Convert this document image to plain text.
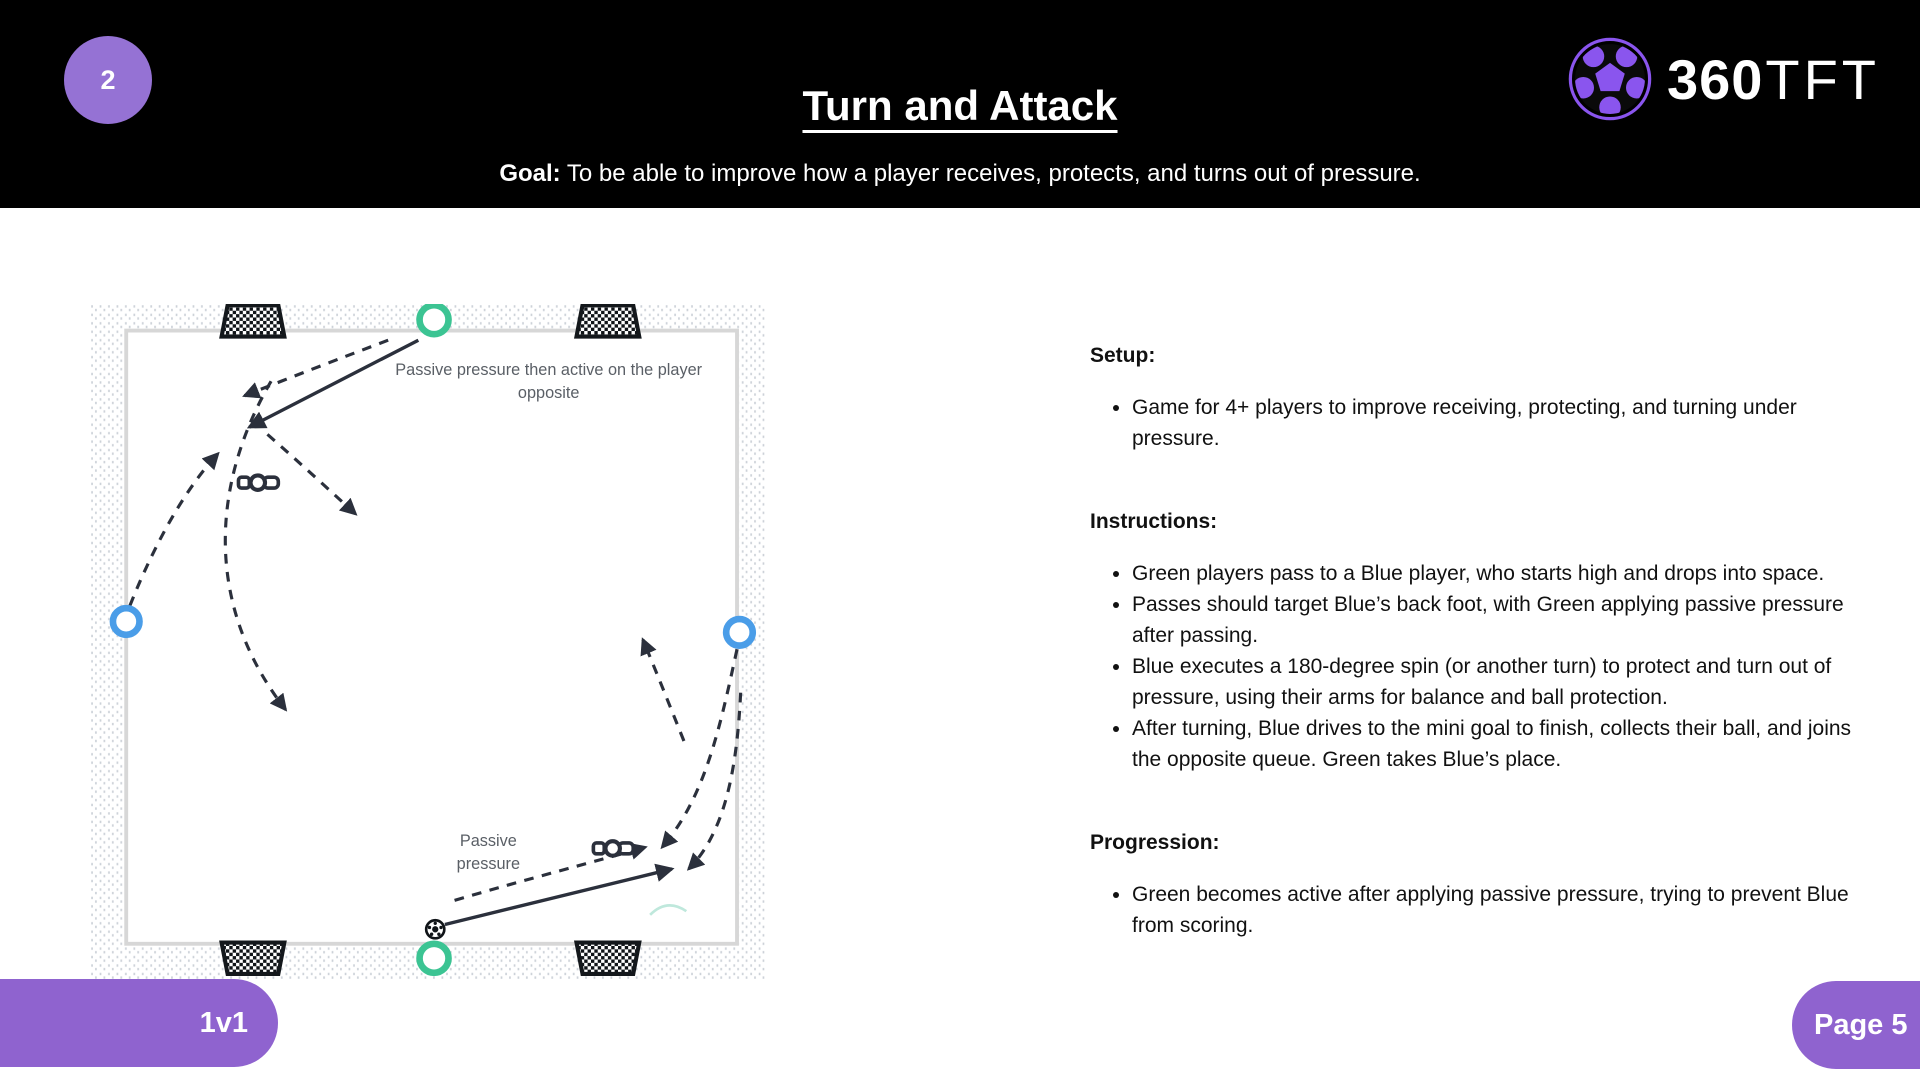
2
Turn and Attack
Goal: To be able to improve how a player receives, protects, and turns out of pressure.
360 TFT
Passive pressure then active on the player
opposite
Passive
pressure
Setup:
• Game for 4+ players to improve receiving, protecting, and turning under pressure.
Instructions:
• Green players pass to a Blue player, who starts high and drops into space.
• Passes should target Blue’s back foot, with Green applying passive pressure after passing.
• Blue executes a 180-degree spin (or another turn) to protect and turn out of pressure, using their arms for balance and ball protection.
• After turning, Blue drives to the mini goal to finish, collects their ball, and joins the opposite queue. Green takes Blue’s place.
Progression:
• Green becomes active after applying passive pressure, trying to prevent Blue from scoring.
1v1	Page 5
